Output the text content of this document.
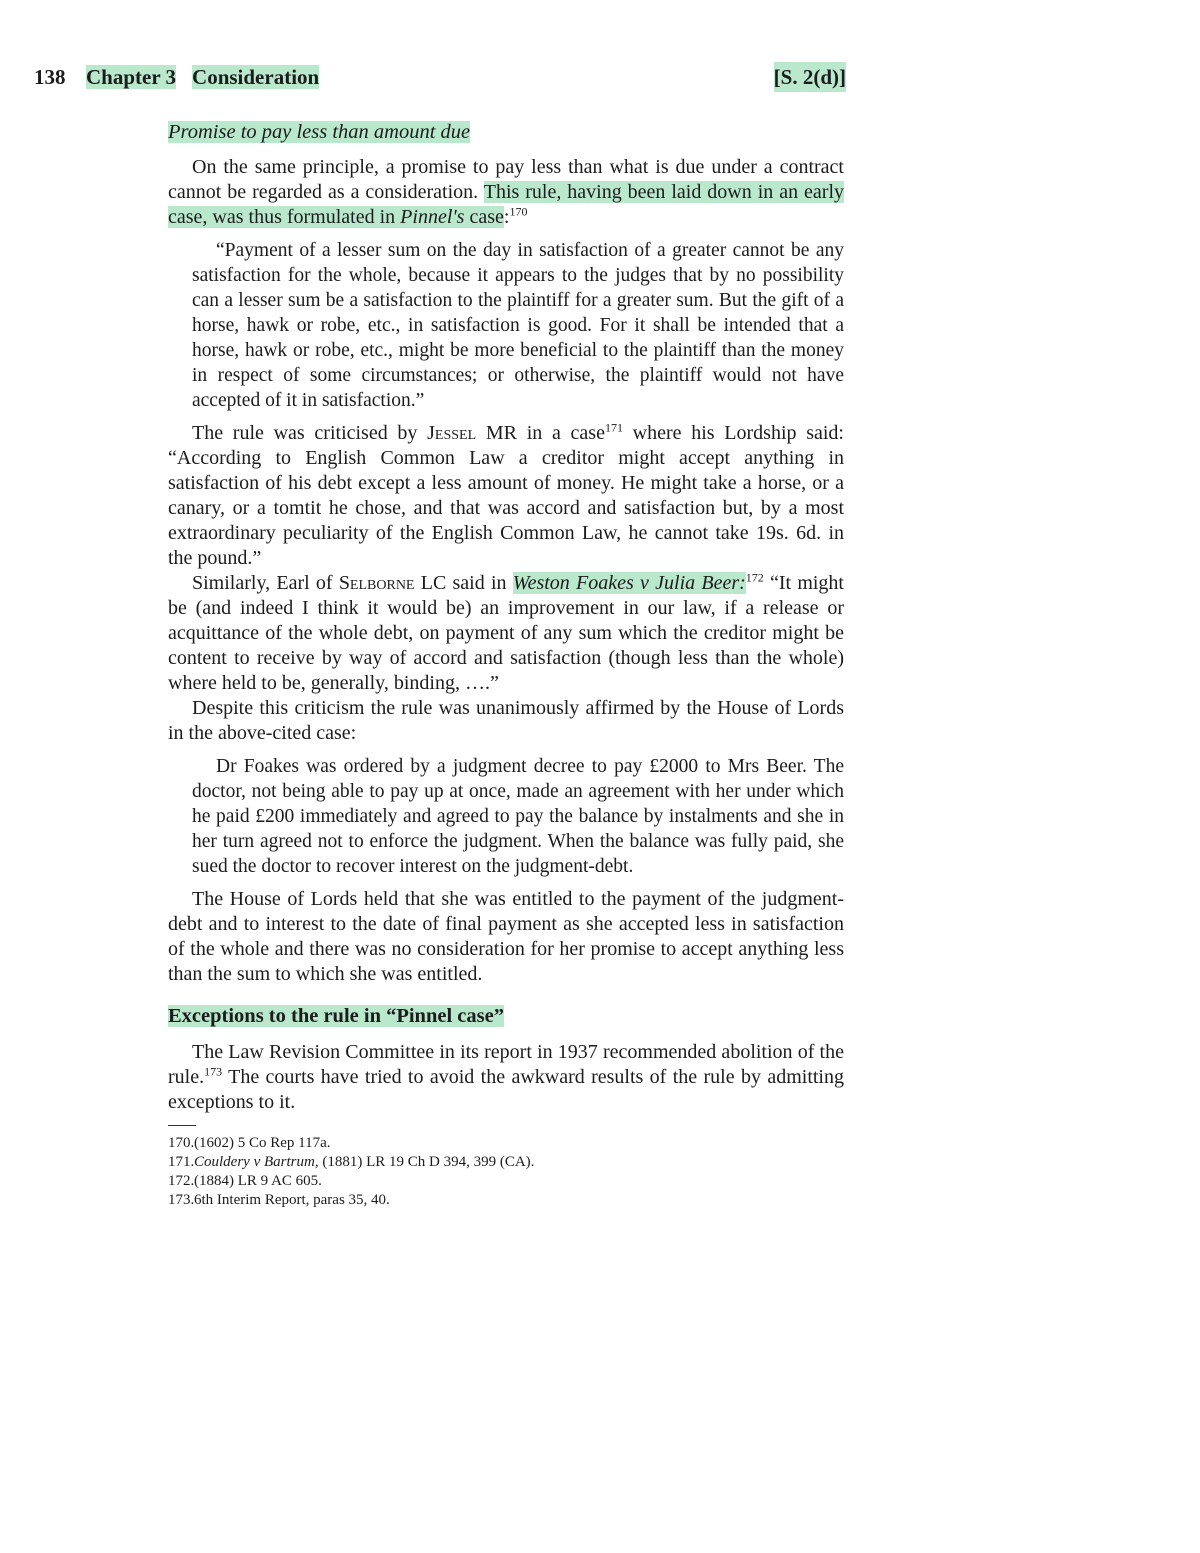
138 Chapter 3 Consideration	[S. 2(d)]
Promise to pay less than amount due

On the same principle, a promise to pay less than what is due under a contract cannot be regarded as a consideration. This rule, having been laid down in an early case, was thus formulated in Pinnel's case:$^{170}$

“Payment of a lesser sum on the day in satisfaction of a greater cannot be any satisfaction for the whole, because it appears to the judges that by no possibility can a lesser sum be a satisfaction to the plaintiff for a greater sum. But the gift of a horse, hawk or robe, etc., in satisfaction is good. For it shall be intended that a horse, hawk or robe, etc., might be more beneficial to the plaintiff than the money in respect of some circumstances; or otherwise, the plaintiff would not have accepted of it in satisfaction.”

The rule was criticised by Jessel MR in a case$^{171}$ where his Lordship said: “According to English Common Law a creditor might accept anything in satisfaction of his debt except a less amount of money. He might take a horse, or a canary, or a tomtit he chose, and that was accord and satisfaction but, by a most extraordinary peculiarity of the English Common Law, he cannot take 19s. 6d. in the pound.”

Similarly, Earl of Selborne LC said in Weston Foakes v Julia Beer:$^{172}$ “It might be (and indeed I think it would be) an improvement in our law, if a release or acquittance of the whole debt, on payment of any sum which the creditor might be content to receive by way of accord and satisfaction (though less than the whole) where held to be, generally, binding, ….”

Despite this criticism the rule was unanimously affirmed by the House of Lords in the above-cited case:

Dr Foakes was ordered by a judgment decree to pay £2000 to Mrs Beer. The doctor, not being able to pay up at once, made an agreement with her under which he paid £200 immediately and agreed to pay the balance by instalments and she in her turn agreed not to enforce the judgment. When the balance was fully paid, she sued the doctor to recover interest on the judgment-debt.

The House of Lords held that she was entitled to the payment of the judgment-debt and to interest to the date of final payment as she accepted less in satisfaction of the whole and there was no consideration for her promise to accept anything less than the sum to which she was entitled.

Exceptions to the rule in “Pinnel case”

The Law Revision Committee in its report in 1937 recommended abolition of the rule.$^{173}$ The courts have tried to avoid the awkward results of the rule by admitting exceptions to it.

170.(1602) 5 Co Rep 117a.
171.Couldery v Bartrum, (1881) LR 19 Ch D 394, 399 (CA).
172.(1884) LR 9 AC 605.
173.6th Interim Report, paras 35, 40.
